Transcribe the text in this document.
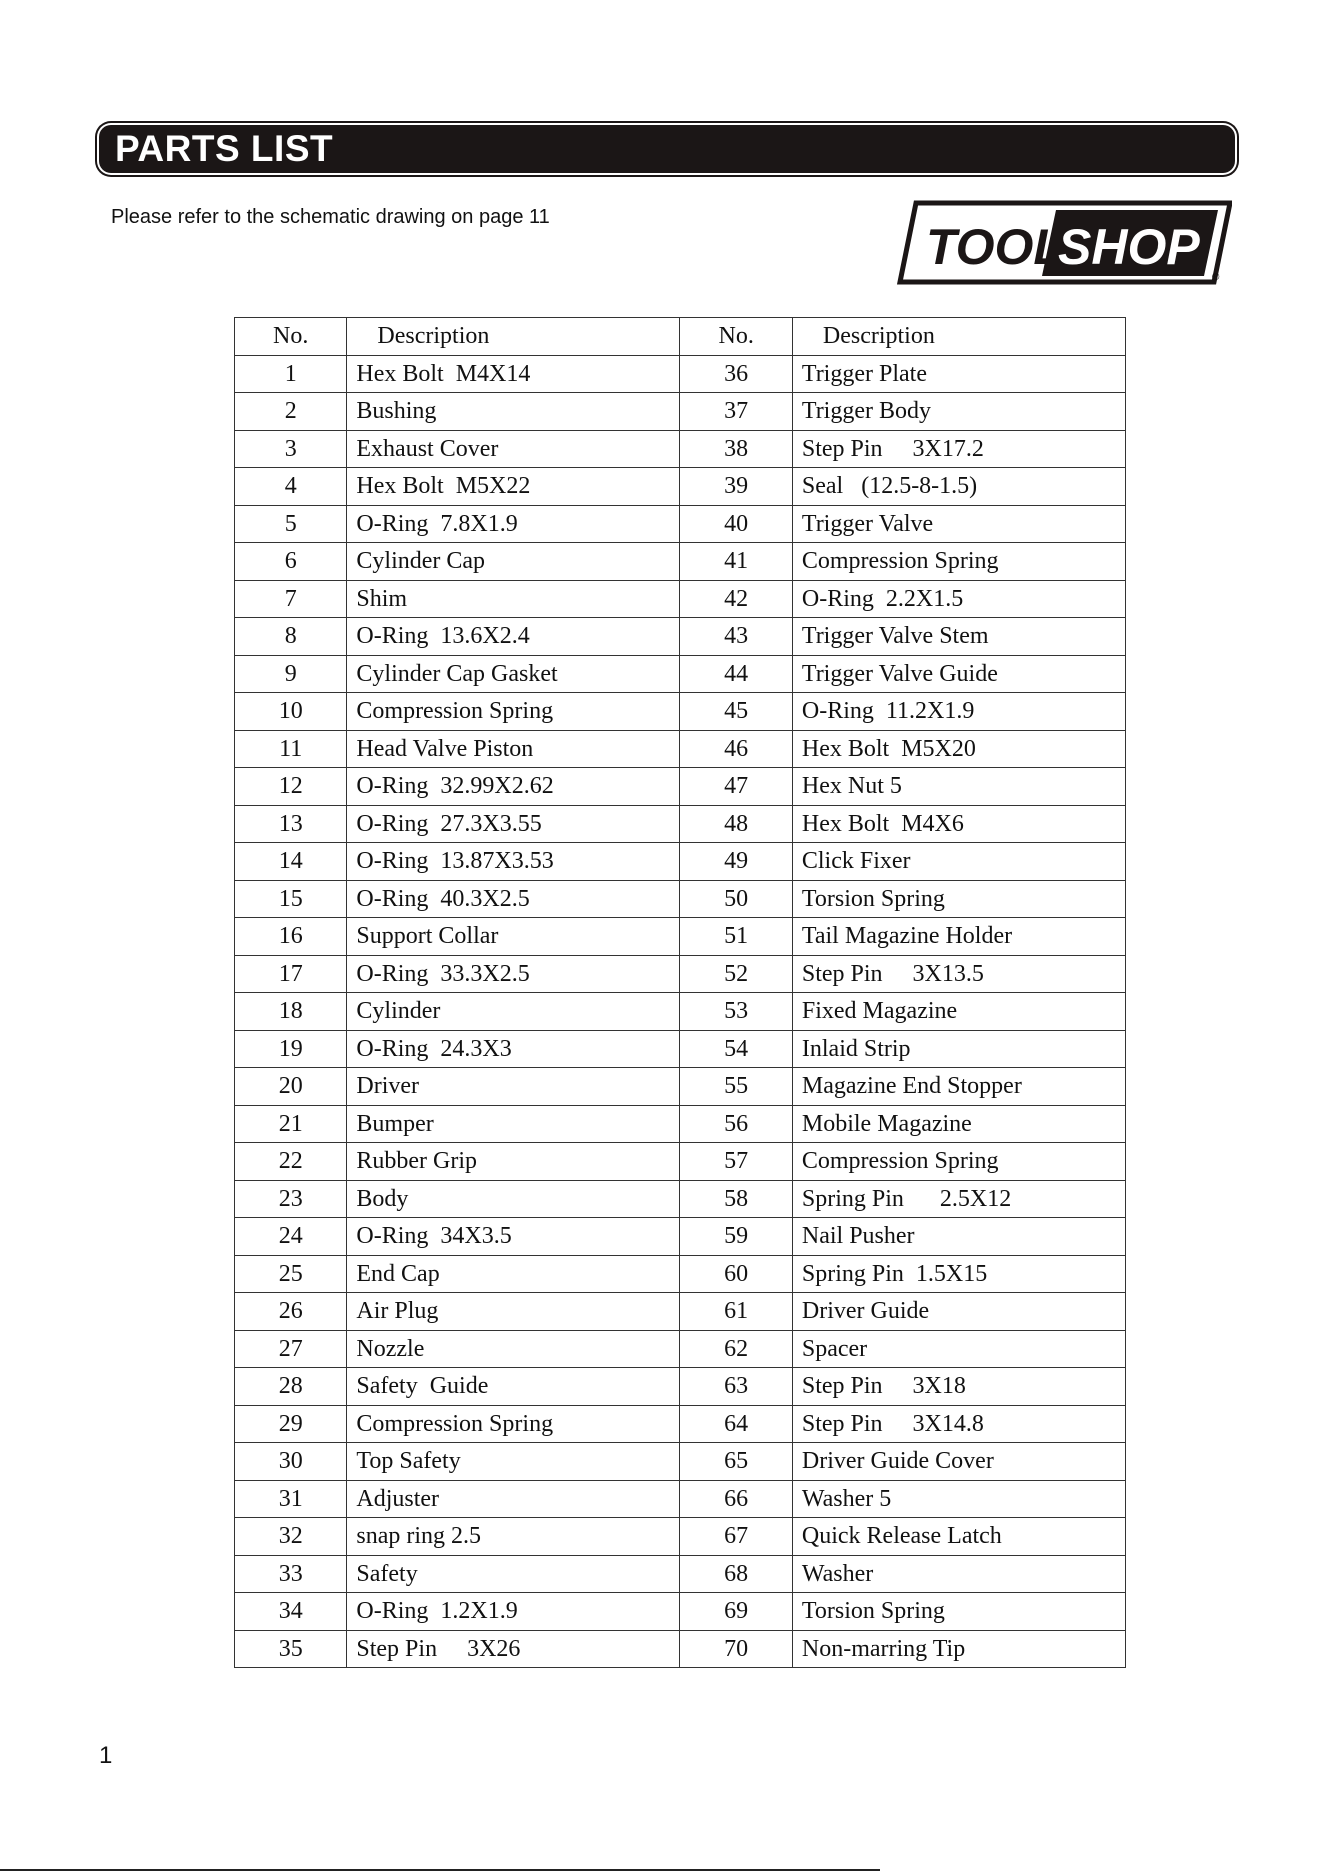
PARTS LIST
Please refer to the schematic drawing on page 11
TOOL
SHOP
®
No.	Description	No.	Description
1	Hex Bolt  M4X14	36	Trigger Plate
2	Bushing	37	Trigger Body
3	Exhaust Cover	38	Step Pin     3X17.2
4	Hex Bolt  M5X22	39	Seal   (12.5-8-1.5)
5	O-Ring  7.8X1.9	40	Trigger Valve
6	Cylinder Cap	41	Compression Spring
7	Shim	42	O-Ring  2.2X1.5
8	O-Ring  13.6X2.4	43	Trigger Valve Stem
9	Cylinder Cap Gasket	44	Trigger Valve Guide
10	Compression Spring	45	O-Ring  11.2X1.9
11	Head Valve Piston	46	Hex Bolt  M5X20
12	O-Ring  32.99X2.62	47	Hex Nut 5
13	O-Ring  27.3X3.55	48	Hex Bolt  M4X6
14	O-Ring  13.87X3.53	49	Click Fixer
15	O-Ring  40.3X2.5	50	Torsion Spring
16	Support Collar	51	Tail Magazine Holder
17	O-Ring  33.3X2.5	52	Step Pin     3X13.5
18	Cylinder	53	Fixed Magazine
19	O-Ring  24.3X3	54	Inlaid Strip
20	Driver	55	Magazine End Stopper
21	Bumper	56	Mobile Magazine
22	Rubber Grip	57	Compression Spring
23	Body	58	Spring Pin      2.5X12
24	O-Ring  34X3.5	59	Nail Pusher
25	End Cap	60	Spring Pin  1.5X15
26	Air Plug	61	Driver Guide
27	Nozzle	62	Spacer
28	Safety  Guide	63	Step Pin     3X18
29	Compression Spring	64	Step Pin     3X14.8
30	Top Safety	65	Driver Guide Cover
31	Adjuster	66	Washer 5
32	snap ring 2.5	67	Quick Release Latch
33	Safety	68	Washer
34	O-Ring  1.2X1.9	69	Torsion Spring
35	Step Pin     3X26	70	Non-marring Tip
1
